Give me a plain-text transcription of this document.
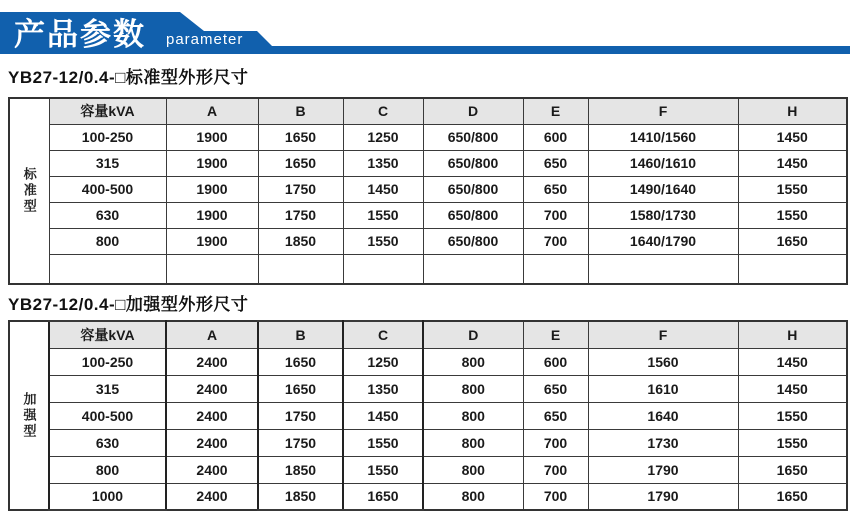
产品参数 parameter
YB27-12/0.4-□标准型外形尺寸
标准型	容量kVA	A	B	C	D	E	F	H
	100-250	1900	1650	1250	650/800	600	1410/1560	1450
	315	1900	1650	1350	650/800	650	1460/1610	1450
	400-500	1900	1750	1450	650/800	650	1490/1640	1550
	630	1900	1750	1550	650/800	700	1580/1730	1550
	800	1900	1850	1550	650/800	700	1640/1790	1650

YB27-12/0.4-□加强型外形尺寸
加强型	容量kVA	A	B	C	D	E	F	H
	100-250	2400	1650	1250	800	600	1560	1450
	315	2400	1650	1350	800	650	1610	1450
	400-500	2400	1750	1450	800	650	1640	1550
	630	2400	1750	1550	800	700	1730	1550
	800	2400	1850	1550	800	700	1790	1650
	1000	2400	1850	1650	800	700	1790	1650
